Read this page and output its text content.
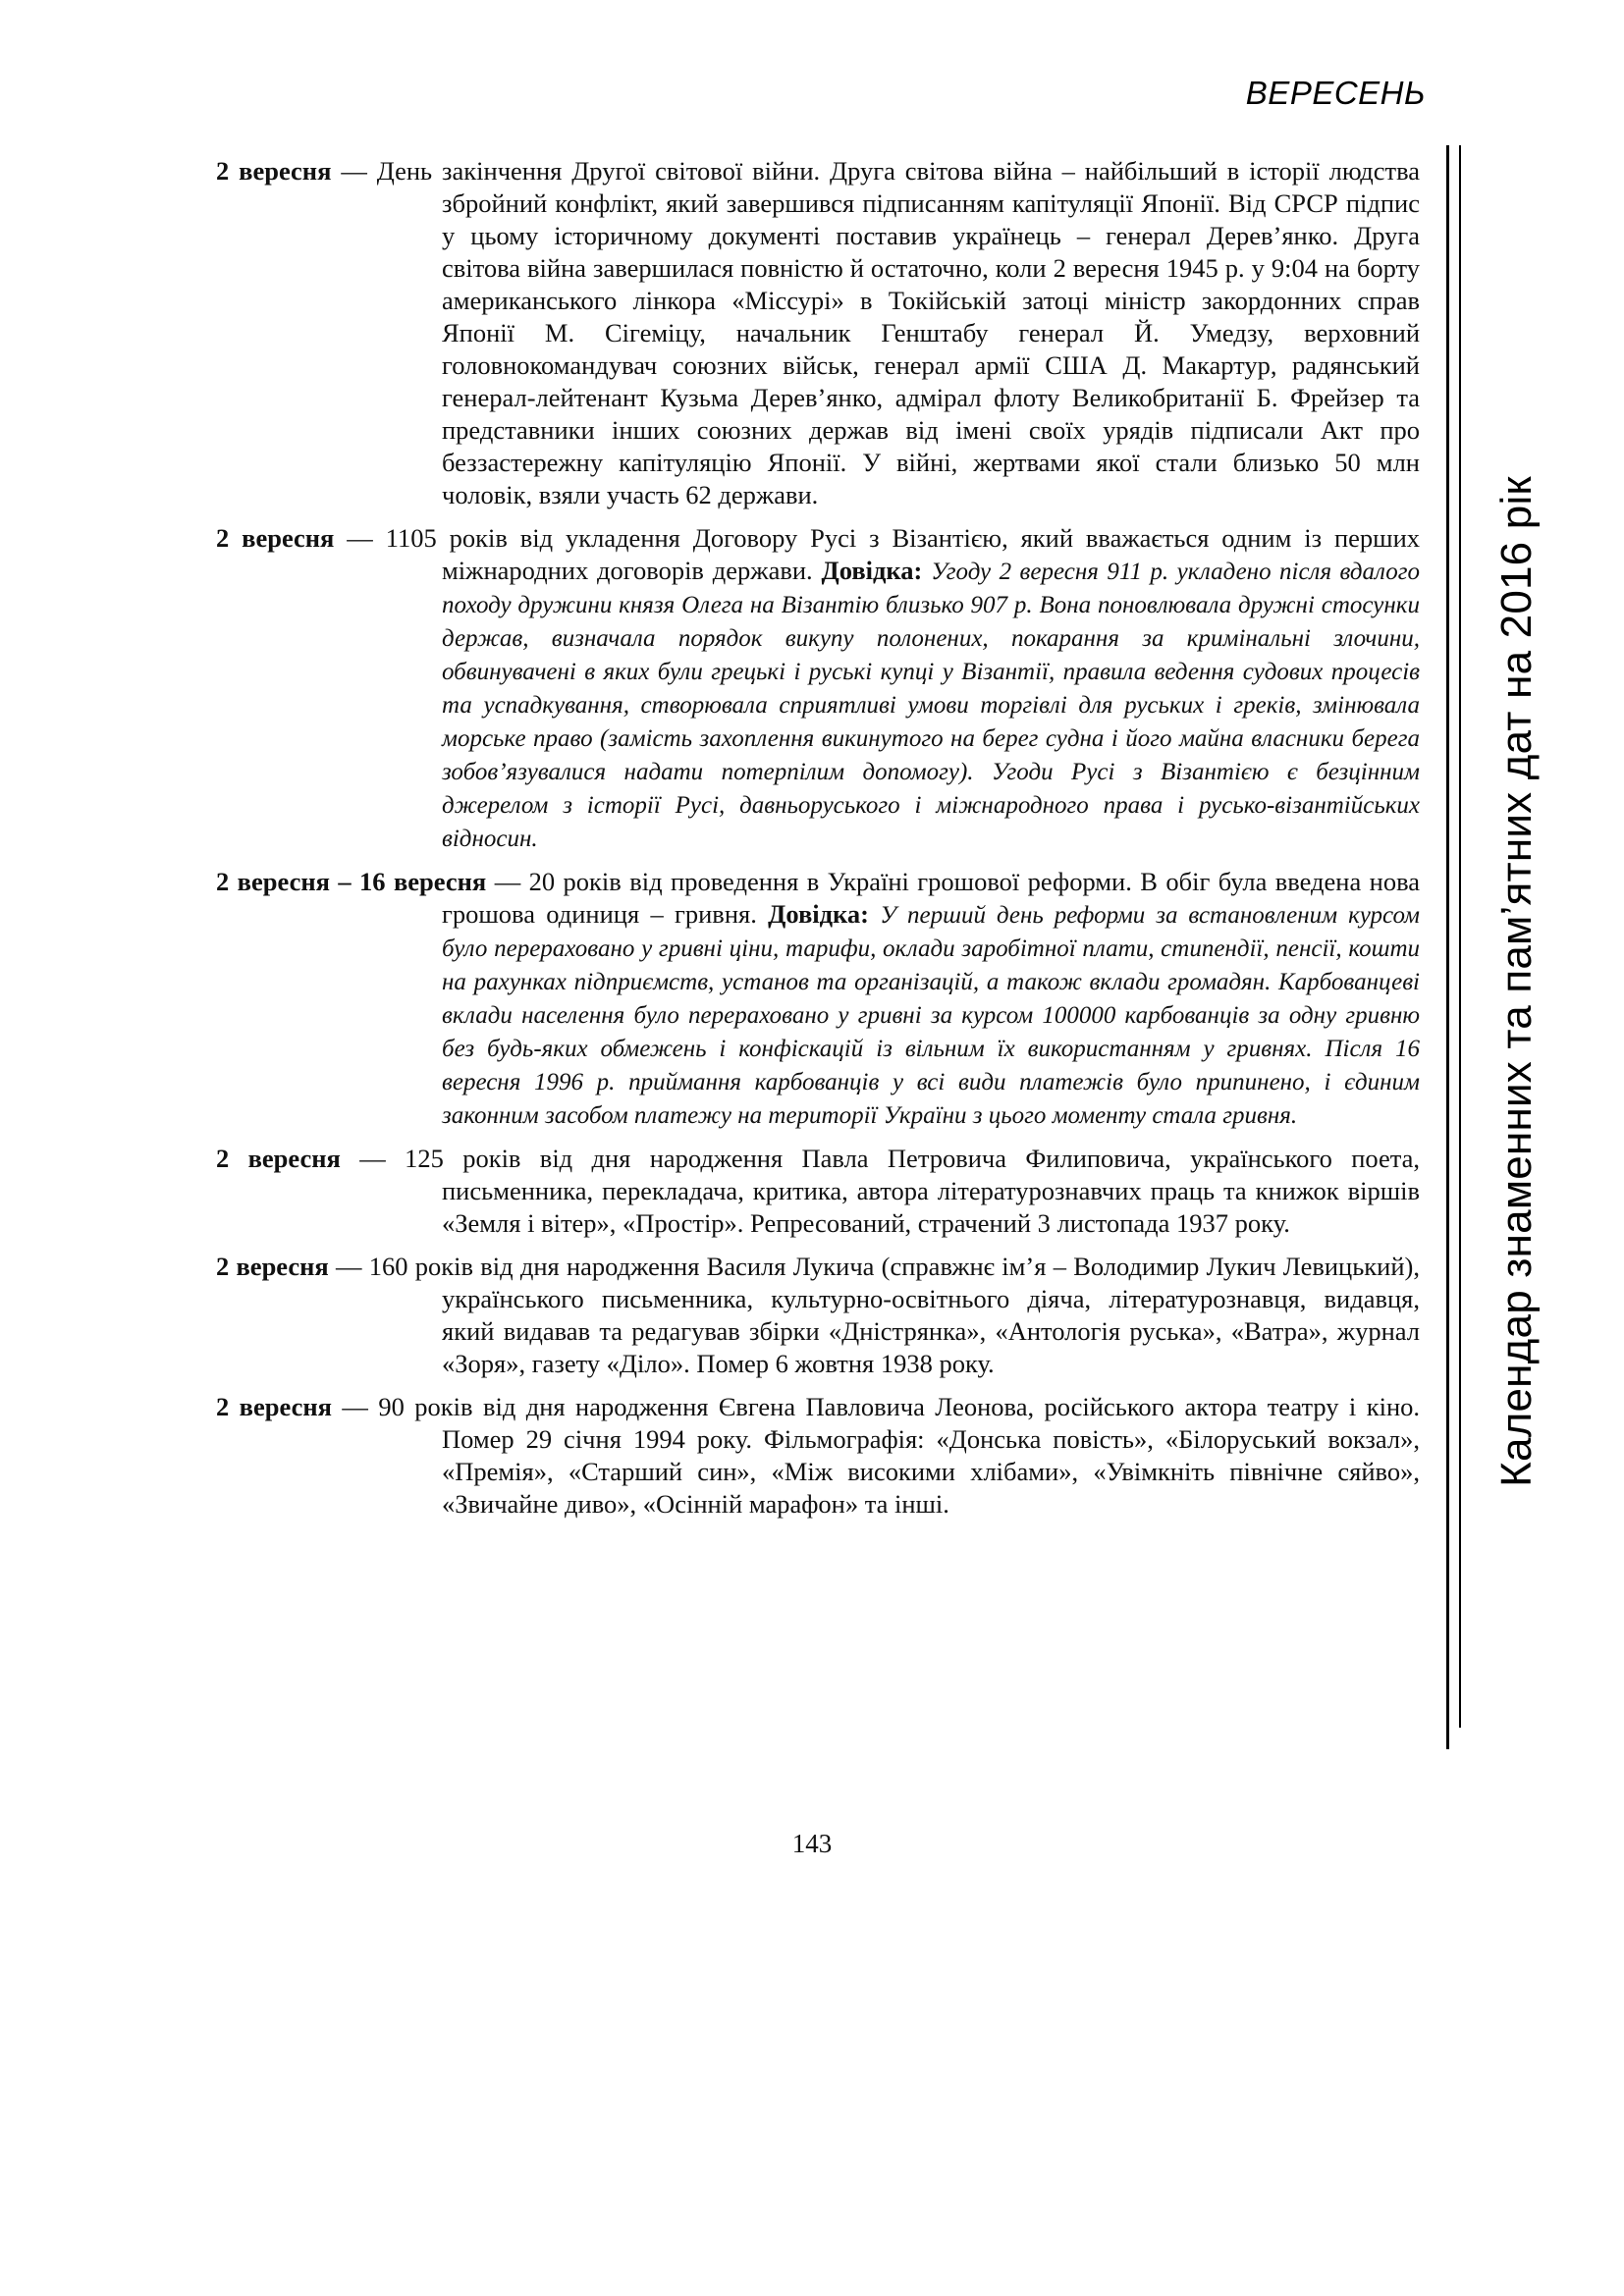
ВЕРЕСЕНЬ
Календар знаменних та пам’ятних дат на 2016 рік

2 вересня — День закінчення Другої світової війни. Друга світова війна – найбільший в історії людства збройний конфлікт, який завершився підписанням капітуляції Японії. Від СРСР підпис у цьому історичному документі поставив українець – генерал Дерев’янко. Друга світова війна завершилася повністю й остаточно, коли 2 вересня 1945 р. у 9:04 на борту американського лінкора «Міссурі» в Токійській затоці міністр закордонних справ Японії М. Сігеміцу, начальник Генштабу генерал Й. Умедзу, верховний головнокомандувач союзних військ, генерал армії США Д. Макартур, радянський генерал-лейтенант Кузьма Дерев’янко, адмірал флоту Великобританії Б. Фрейзер та представники інших союзних держав від імені своїх урядів підписали Акт про беззастережну капітуляцію Японії. У війні, жертвами якої стали близько 50 млн чоловік, взяли участь 62 держави.

2 вересня — 1105 років від укладення Договору Русі з Візантією, який вважається одним із перших міжнародних договорів держави. Довідка: Угоду 2 вересня 911 р. укладено після вдалого походу дружини князя Олега на Візантію близько 907 р. Вона поновлювала дружні стосунки держав, визначала порядок викупу полонених, покарання за кримінальні злочини, обвинувачені в яких були грецькі і руські купці у Візантії, правила ведення судових процесів та успадкування, створювала сприятливі умови торгівлі для руських і греків, змінювала морське право (замість захоплення викинутого на берег судна і його майна власники берега зобов’язувалися надати потерпілим допомогу). Угоди Русі з Візантією є безцінним джерелом з історії Русі, давньоруського і міжнародного права і русько-візантійських відносин.

2 вересня – 16 вересня — 20 років від проведення в Україні грошової реформи. В обіг була введена нова грошова одиниця – гривня. Довідка: У перший день реформи за встановленим курсом було перераховано у гривні ціни, тарифи, оклади заробітної плати, стипендії, пенсії, кошти на рахунках підприємств, установ та організацій, а також вклади громадян. Карбованцеві вклади населення було перераховано у гривні за курсом 100000 карбованців за одну гривню без будь-яких обмежень і конфіскацій із вільним їх використанням у гривнях. Після 16 вересня 1996 р. приймання карбованців у всі види платежів було припинено, і єдиним законним засобом платежу на території України з цього моменту стала гривня.

2 вересня — 125 років від дня народження Павла Петровича Филиповича, українського поета, письменника, перекладача, критика, автора літературознавчих праць та книжок віршів «Земля і вітер», «Простір». Репресований, страчений 3 листопада 1937 року.

2 вересня — 160 років від дня народження Василя Лукича (справжнє ім’я – Володимир Лукич Левицький), українського письменника, культурно-освітнього діяча, літературознавця, видавця, який видавав та редагував збірки «Дністрянка», «Антологія руська», «Ватра», журнал «Зоря», газету «Діло». Помер 6 жовтня 1938 року.

2 вересня — 90 років від дня народження Євгена Павловича Леонова, російського актора театру і кіно. Помер 29 січня 1994 року. Фільмографія: «Донська повість», «Білоруський вокзал», «Премія», «Старший син», «Між високими хлібами», «Увімкніть північне сяйво», «Звичайне диво», «Осінній марафон» та інші.

143
